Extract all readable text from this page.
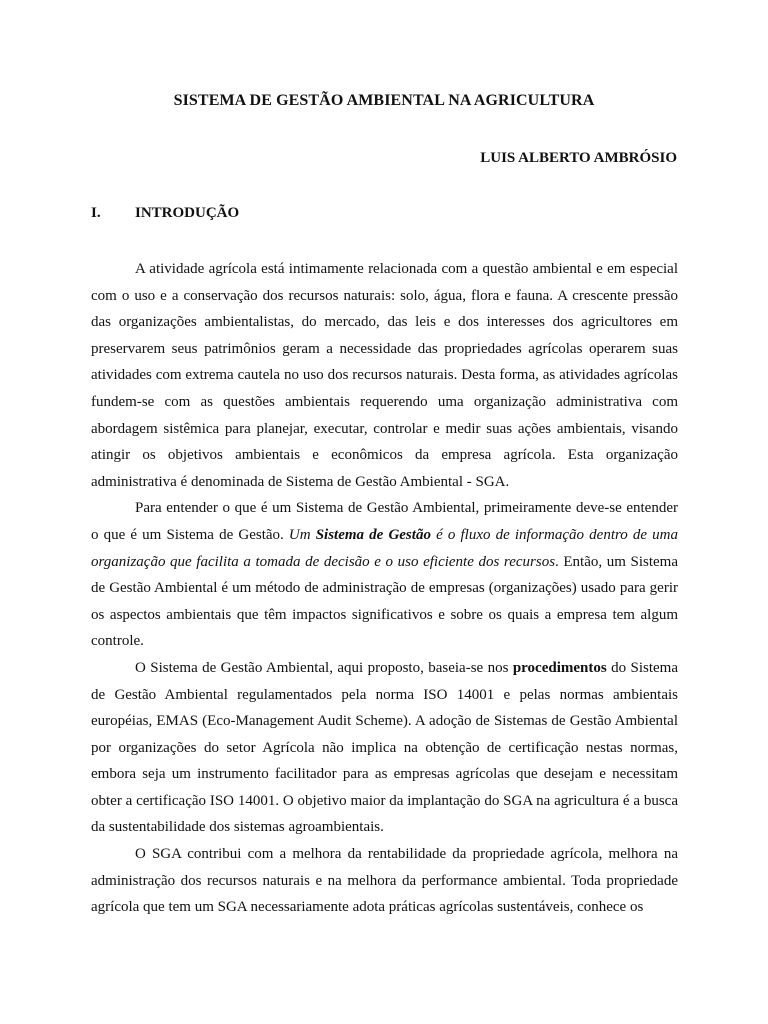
SISTEMA DE GESTÃO AMBIENTAL NA AGRICULTURA

LUIS ALBERTO AMBRÓSIO

I. INTRODUÇÃO

A atividade agrícola está intimamente relacionada com a questão ambiental e em especial com o uso e a conservação dos recursos naturais: solo, água, flora e fauna. A crescente pressão das organizações ambientalistas, do mercado, das leis e dos interesses dos agricultores em preservarem seus patrimônios geram a necessidade das propriedades agrícolas operarem suas atividades com extrema cautela no uso dos recursos naturais. Desta forma, as atividades agrícolas fundem-se com as questões ambientais requerendo uma organização administrativa com abordagem sistêmica para planejar, executar, controlar e medir suas ações ambientais, visando atingir os objetivos ambientais e econômicos da empresa agrícola. Esta organização administrativa é denominada de Sistema de Gestão Ambiental - SGA.

Para entender o que é um Sistema de Gestão Ambiental, primeiramente deve-se entender o que é um Sistema de Gestão. Um Sistema de Gestão é o fluxo de informação dentro de uma organização que facilita a tomada de decisão e o uso eficiente dos recursos. Então, um Sistema de Gestão Ambiental é um método de administração de empresas (organizações) usado para gerir os aspectos ambientais que têm impactos significativos e sobre os quais a empresa tem algum controle.

O Sistema de Gestão Ambiental, aqui proposto, baseia-se nos procedimentos do Sistema de Gestão Ambiental regulamentados pela norma ISO 14001 e pelas normas ambientais européias, EMAS (Eco-Management Audit Scheme). A adoção de Sistemas de Gestão Ambiental por organizações do setor Agrícola não implica na obtenção de certificação nestas normas, embora seja um instrumento facilitador para as empresas agrícolas que desejam e necessitam obter a certificação ISO 14001. O objetivo maior da implantação do SGA na agricultura é a busca da sustentabilidade dos sistemas agroambientais.

O SGA contribui com a melhora da rentabilidade da propriedade agrícola, melhora na administração dos recursos naturais e na melhora da performance ambiental. Toda propriedade agrícola que tem um SGA necessariamente adota práticas agrícolas sustentáveis, conhece os
